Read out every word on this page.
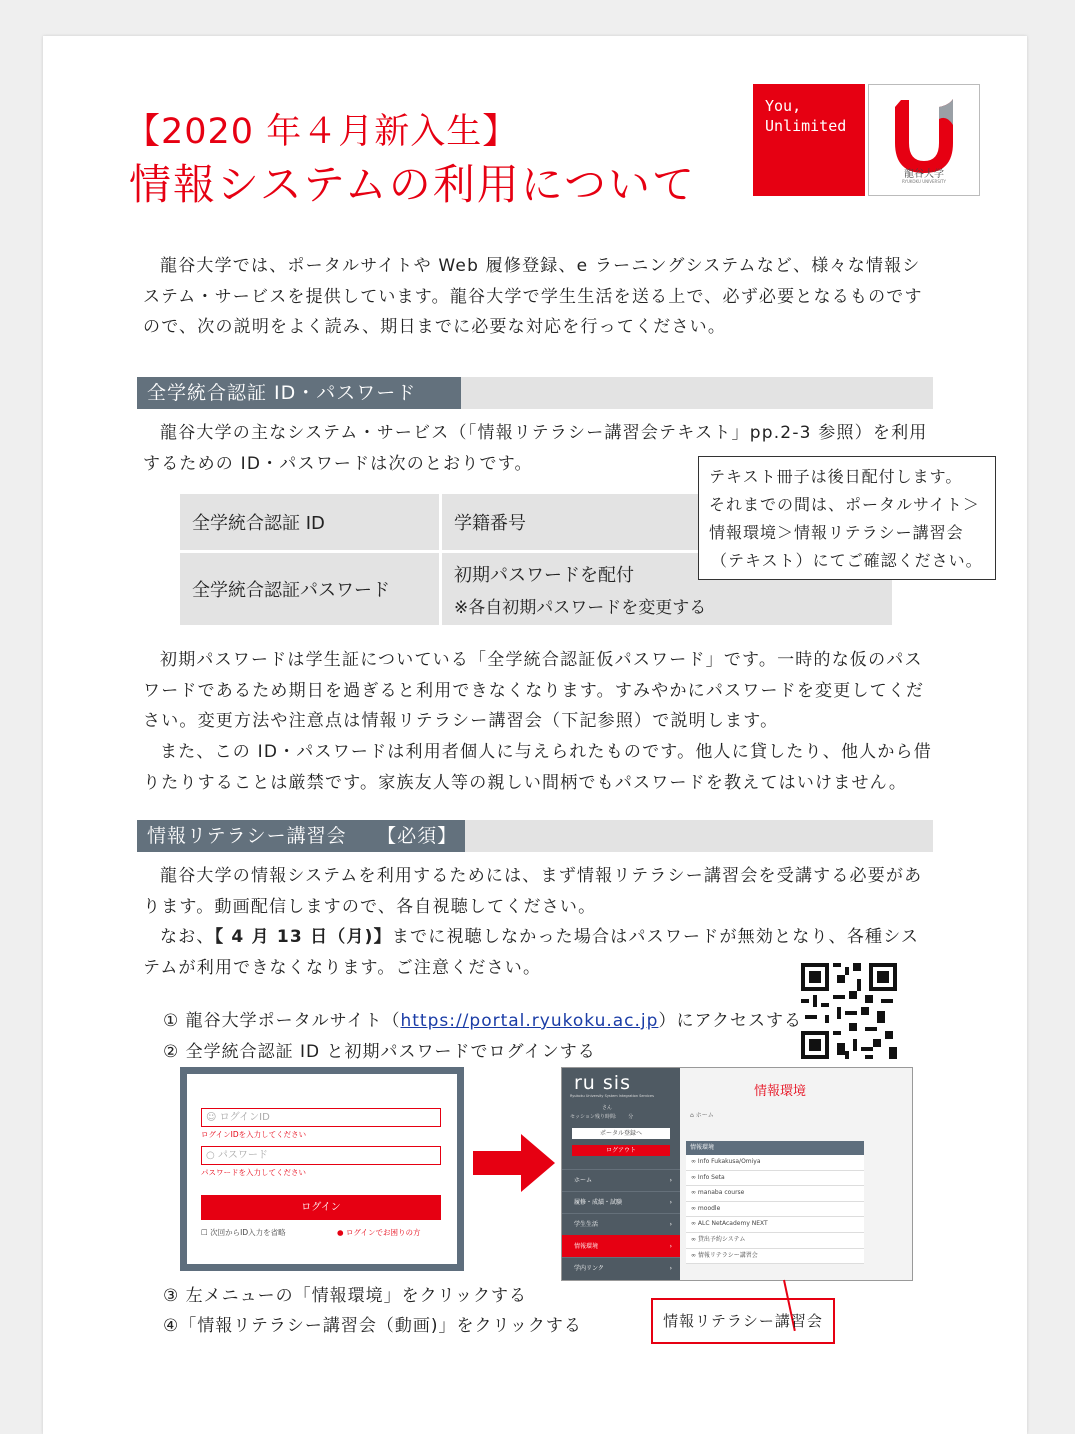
【2020 年４月新入生】
情報システムの利用について
You,
Unlimited
龍谷大学
RYUKOKU UNIVERSITY
龍谷大学では、ポータルサイトや Web 履修登録、e ラーニングシステムなど、様々な情報システム・サービスを提供しています。龍谷大学で学生生活を送る上で、必ず必要となるものですので、次の説明をよく読み、期日までに必要な対応を行ってください。
全学統合認証 ID・パスワード
龍谷大学の主なシステム・サービス（「情報リテラシー講習会テキスト」pp.2-3 参照）を利用するための ID・パスワードは次のとおりです。
全学統合認証 ID	学籍番号
全学統合認証パスワード	初期パスワードを配付
※各自初期パスワードを変更する
テキスト冊子は後日配付します。
それまでの間は、ポータルサイト＞
情報環境＞情報リテラシー講習会
（テキスト）にてご確認ください。
初期パスワードは学生証についている「全学統合認証仮パスワード」です。一時的な仮のパスワードであるため期日を過ぎると利用できなくなります。すみやかにパスワードを変更してください。変更方法や注意点は情報リテラシー講習会（下記参照）で説明します。
また、この ID・パスワードは利用者個人に与えられたものです。他人に貸したり、他人から借りたりすることは厳禁です。家族友人等の親しい間柄でもパスワードを教えてはいけません。
情報リテラシー講習会　　【必須】
龍谷大学の情報システムを利用するためには、まず情報リテラシー講習会を受講する必要があります。動画配信しますので、各自視聴してください。
なお、【 4 月 13 日（月)】までに視聴しなかった場合はパスワードが無効となり、各種システムが利用できなくなります。ご注意ください。
① 龍谷大学ポータルサイト（https://portal.ryukoku.ac.jp）にアクセスする
② 全学統合認証 ID と初期パスワードでログインする
☺ ログインID
ログインIDを入力してください
○ パスワード
パスワードを入力してください
ログイン
☐ 次回からID入力を省略	● ログインでお困りの方
ru sis
Ryukoku University System Integration Services
さん
セッション残り時間: 分
ポータル登録へ
ログアウト
ホーム	›
履修・成績・試験	›
学生生活	›
情報環境	›
学内リンク	›
情報環境
⌂ ホーム
情報環境
∞ Info Fukakusa/Omiya
∞ Info Seta
∞ manaba course
∞ moodle
∞ ALC NetAcademy NEXT
∞ 貸出予約システム
∞ 情報リテラシー講習会
情報リテラシー講習会
③ 左メニューの「情報環境」をクリックする
④「情報リテラシー講習会（動画)」をクリックする
